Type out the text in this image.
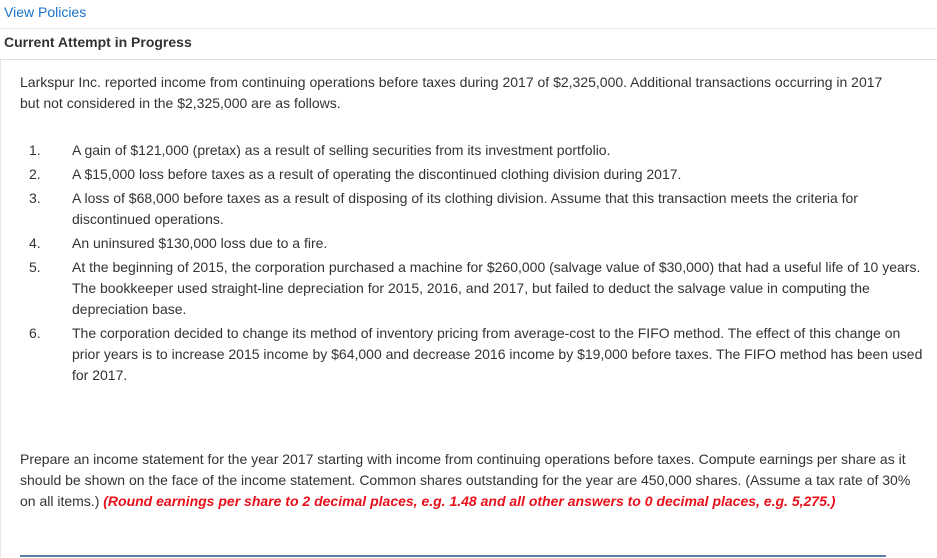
View Policies
Current Attempt in Progress

Larkspur Inc. reported income from continuing operations before taxes during 2017 of $2,325,000. Additional transactions occurring in 2017 but not considered in the $2,325,000 are as follows.

1.	A gain of $121,000 (pretax) as a result of selling securities from its investment portfolio.
2.	A $15,000 loss before taxes as a result of operating the discontinued clothing division during 2017.
3.	A loss of $68,000 before taxes as a result of disposing of its clothing division. Assume that this transaction meets the criteria for discontinued operations.
4.	An uninsured $130,000 loss due to a fire.
5.	At the beginning of 2015, the corporation purchased a machine for $260,000 (salvage value of $30,000) that had a useful life of 10 years. The bookkeeper used straight-line depreciation for 2015, 2016, and 2017, but failed to deduct the salvage value in computing the depreciation base.
6.	The corporation decided to change its method of inventory pricing from average-cost to the FIFO method. The effect of this change on prior years is to increase 2015 income by $64,000 and decrease 2016 income by $19,000 before taxes. The FIFO method has been used for 2017.

Prepare an income statement for the year 2017 starting with income from continuing operations before taxes. Compute earnings per share as it should be shown on the face of the income statement. Common shares outstanding for the year are 450,000 shares. (Assume a tax rate of 30% on all items.) (Round earnings per share to 2 decimal places, e.g. 1.48 and all other answers to 0 decimal places, e.g. 5,275.)
